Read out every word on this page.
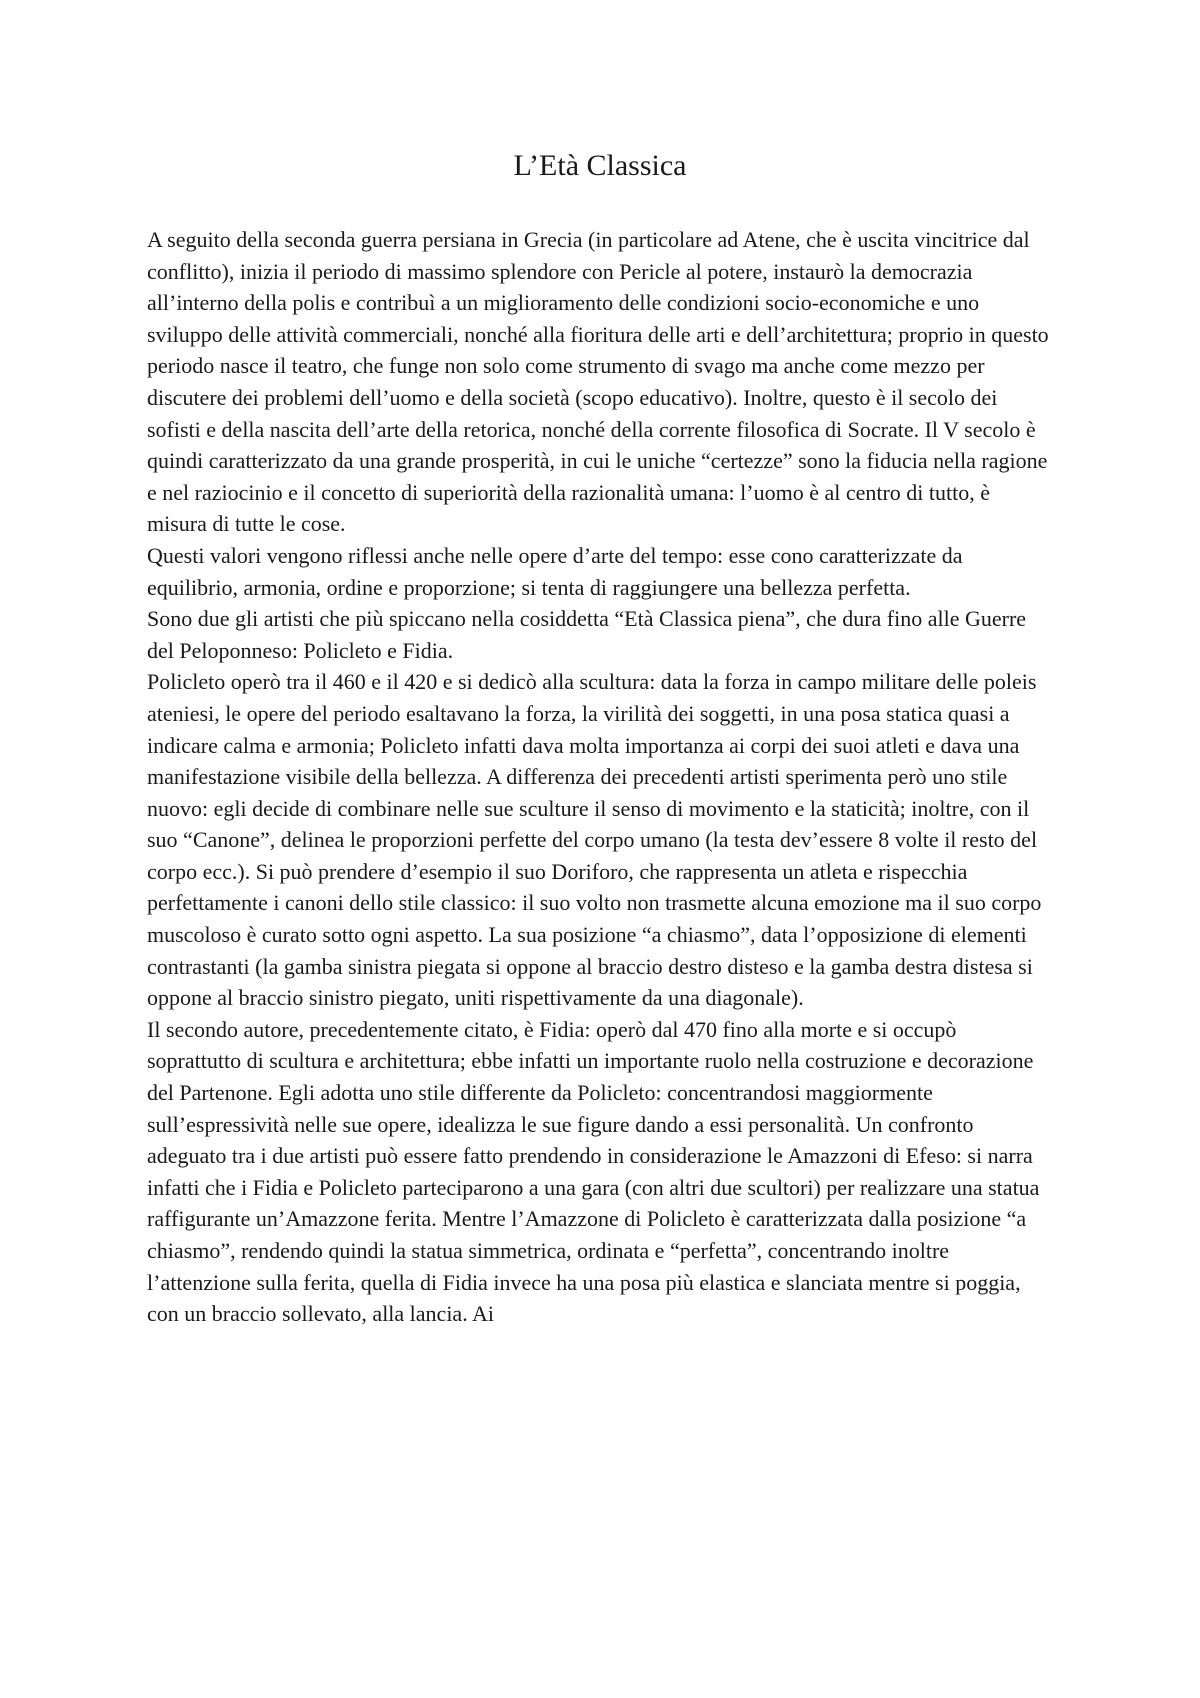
L’Età Classica

A seguito della seconda guerra persiana in Grecia (in particolare ad Atene, che è uscita vincitrice dal conflitto), inizia il periodo di massimo splendore con Pericle al potere, instaurò la democrazia all’interno della polis e contribuì a un miglioramento delle condizioni socio-economiche e uno sviluppo delle attività commerciali, nonché alla fioritura delle arti e dell’architettura; proprio in questo periodo nasce il teatro, che funge non solo come strumento di svago ma anche come mezzo per discutere dei problemi dell’uomo e della società (scopo educativo). Inoltre, questo è il secolo dei sofisti e della nascita dell’arte della retorica, nonché della corrente filosofica di Socrate. Il V secolo è quindi caratterizzato da una grande prosperità, in cui le uniche “certezze” sono la fiducia nella ragione e nel raziocinio e il concetto di superiorità della razionalità umana: l’uomo è al centro di tutto, è misura di tutte le cose.

Questi valori vengono riflessi anche nelle opere d’arte del tempo: esse cono caratterizzate da equilibrio, armonia, ordine e proporzione; si tenta di raggiungere una bellezza perfetta.

Sono due gli artisti che più spiccano nella cosiddetta “Età Classica piena”, che dura fino alle Guerre del Peloponneso: Policleto e Fidia.

Policleto operò tra il 460 e il 420 e si dedicò alla scultura: data la forza in campo militare delle poleis ateniesi, le opere del periodo esaltavano la forza, la virilità dei soggetti, in una posa statica quasi a indicare calma e armonia; Policleto infatti dava molta importanza ai corpi dei suoi atleti e dava una manifestazione visibile della bellezza. A differenza dei precedenti artisti sperimenta però uno stile nuovo: egli decide di combinare nelle sue sculture il senso di movimento e la staticità; inoltre, con il suo “Canone”, delinea le proporzioni perfette del corpo umano (la testa dev’essere 8 volte il resto del corpo ecc.). Si può prendere d’esempio il suo Doriforo, che rappresenta un atleta e rispecchia perfettamente i canoni dello stile classico: il suo volto non trasmette alcuna emozione ma il suo corpo muscoloso è curato sotto ogni aspetto. La sua posizione “a chiasmo”, data l’opposizione di elementi contrastanti (la gamba sinistra piegata si oppone al braccio destro disteso e la gamba destra distesa si oppone al braccio sinistro piegato, uniti rispettivamente da una diagonale).

Il secondo autore, precedentemente citato, è Fidia: operò dal 470 fino alla morte e si occupò soprattutto di scultura e architettura; ebbe infatti un importante ruolo nella costruzione e decorazione del Partenone. Egli adotta uno stile differente da Policleto: concentrandosi maggiormente sull’espressività nelle sue opere, idealizza le sue figure dando a essi personalità. Un confronto adeguato tra i due artisti può essere fatto prendendo in considerazione le Amazzoni di Efeso: si narra infatti che i Fidia e Policleto parteciparono a una gara (con altri due scultori) per realizzare una statua raffigurante un’Amazzone ferita. Mentre l’Amazzone di Policleto è caratterizzata dalla posizione “a chiasmo”, rendendo quindi la statua simmetrica, ordinata e “perfetta”, concentrando inoltre l’attenzione sulla ferita, quella di Fidia invece ha una posa più elastica e slanciata mentre si poggia, con un braccio sollevato, alla lancia. Ai
